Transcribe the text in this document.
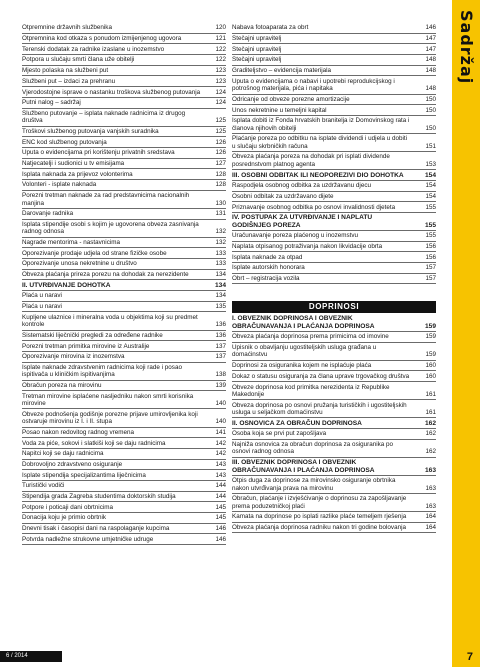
Sadržaj
Otpremnine državnih službenika	120
Otpremnina kod otkaza s ponudom izmijenjenog ugovora	121
Terenski dodatak za radnike izaslane u inozemstvo	122
Potpora u slučaju smrti člana uže obitelji	122
Mjesto polaska na službeni put	123
Službeni put – izdaci za prehranu	123
Vjerodostojne isprave o nastanku troškova službenog putovanja	124
Putni nalog – sadržaj	124
Službeno putovanje – isplata naknade radnicima iz drugog društva	125
Troškovi službenog putovanja vanjskih suradnika	125
ENC kod službenog putovanja	126
Uputa o evidencijama pri korištenju privatnih sredstava	126
Natjecatelji i sudionici u tv emisijama	127
Isplata naknada za prijevoz volonterima	128
Volonteri - isplate naknada	128
Porezni tretman naknade za rad predstavnicima nacionalnih manjina	130
Darovanje radnika	131
Isplata stipendije osobi s kojim je ugovorena obveza zasnivanja radnog odnosa	132
Nagrade mentorima - nastavnicima	132
Oporezivanje prodaje udjela od strane fizičke osobe	133
Oporezivanje unosa nekretnine u društvo	133
Obveza plaćanja prireza porezu na dohodak za nerezidente	134
II. UTVRĐIVANJE DOHOTKA	134
Plaća u naravi	134
Plaća u naravi	135
Kupljene ulaznice i mineralna voda u objektima koji su predmet kontrole	136
Sistematski liječnički pregledi za određene radnike	136
Porezni tretman primitka mirovine iz Australije	137
Oporezivanje mirovina iz inozemstva	137
Isplate naknade zdravstvenim radnicima koji rade i posao ispitivača u kliničkim ispitivanjima	138
Obračun poreza na mirovinu	139
Tretman mirovine isplaćene nasljedniku nakon smrti korisnika mirovine	140
Obveze podnošenja godišnje porezne prijave umirovljenika koji ostvaruje mirovinu iz I. i II. stupa	140
Posao nakon redovitog radnog vremena	141
Voda za piće, sokovi i slatkiši koji se daju radnicima	142
Napitci koji se daju radnicima	142
Dobrovoljno zdravstveno osiguranje	143
Isplate stipendija specijalizantima liječnicima	143
Turistički vodiči	144
Stipendija grada Zagreba studentima doktorskih studija	144
Potpore i poticaji dani obrtnicima	145
Donacija koju je primio obrtnik	145
Dnevni tisak i časopisi dani na raspolaganje kupcima	146
Potvrda nadležne strukovne umjetničke udruge	146
Nabava fotoaparata za obrt	146
Stečajni upravitelj	147
Stečajni upravitelj	147
Stečajni upravitelj	148
Graditeljstvo – evidencija materijala	148
Uputa o evidencijama o nabavi i upotrebi reprodukcijskog i potrošnog materijala, pića i napitaka	148
Odricanje od obveze porezne amortizacije	150
Unos nekretnine u temeljni kapital	150
Isplata dobiti iz Fonda hrvatskih branitelja iz Domovinskog rata i članova njihovih obitelji	150
Plaćanje poreza po odbitku na isplate dividendi i udjela u dobiti u slučaju skrbničkih računa	151
Obveza plaćanja poreza na dohodak pri isplati dividende posrednstvom platnog agenta	153
III. OSOBNI ODBITAK ILI NEOPOREZIVI DIO DOHOTKA	154
Raspodjela osobnog odbitka za uzdržavanu djecu	154
Osobni odbitak za uzdržavano dijete	154
Priznavanje osobnog odbitka po osnovi invalidnosti djeteta	155
IV. POSTUPAK ZA UTVRĐIVANJE I NAPLATU GODIŠNJEG POREZA	155
Uračunavanje poreza plaćenog u inozemstvu	155
Naplata otpisanog potraživanja nakon likvidacije obrta	156
Isplata naknade za otpad	156
Isplate autorskih honorara	157
Obrt – registracija vozila	157
DOPRINOSI
I. OBVEZNIK DOPRINOSA I OBVEZNIK OBRAČUNAVANJA I PLAĆANJA DOPRINOSA	159
Obveza plaćanja doprinosa prema primicima od imovine	159
Upisnik o obavljanju ugostiteljskih usluga građana u domaćinstvu	159
Doprinosi za osiguranika kojem ne isplaćuje plaća	160
Dokaz o statusu osiguranja za člana uprave trgovačkog društva	160
Obveze doprinosa kod primitka nerezidenta iz Republike Makedonije	161
Obveza doprinosa po osnovi pružanja turističkih i ugostiteljskih usluga u seljačkom domaćinstvu	161
II. OSNOVICA ZA OBRAČUN DOPRINOSA	162
Osoba koja se prvi put zapošljava	162
Najniža osnovica za obračun doprinosa za osiguranika po osnovi radnog odnosa	162
III. OBVEZNIK DOPRINOSA I OBVEZNIK OBRAČUNAVANJA I PLAĆANJA DOPRINOSA	163
Otpis duga za doprinose za mirovinsko osiguranje obrtnika nakon utvrđivanja prava na mirovinu	163
Obračun, plaćanje i izvješćivanje o doprinosu za zapošljavanje prema poduzetničkoj plaći	163
Kamata na doprinose po isplati razlike plaće temeljem rješenja	164
Obveza plaćanja doprinosa radniku nakon tri godine bolovanja	164
6 / 2014	7
